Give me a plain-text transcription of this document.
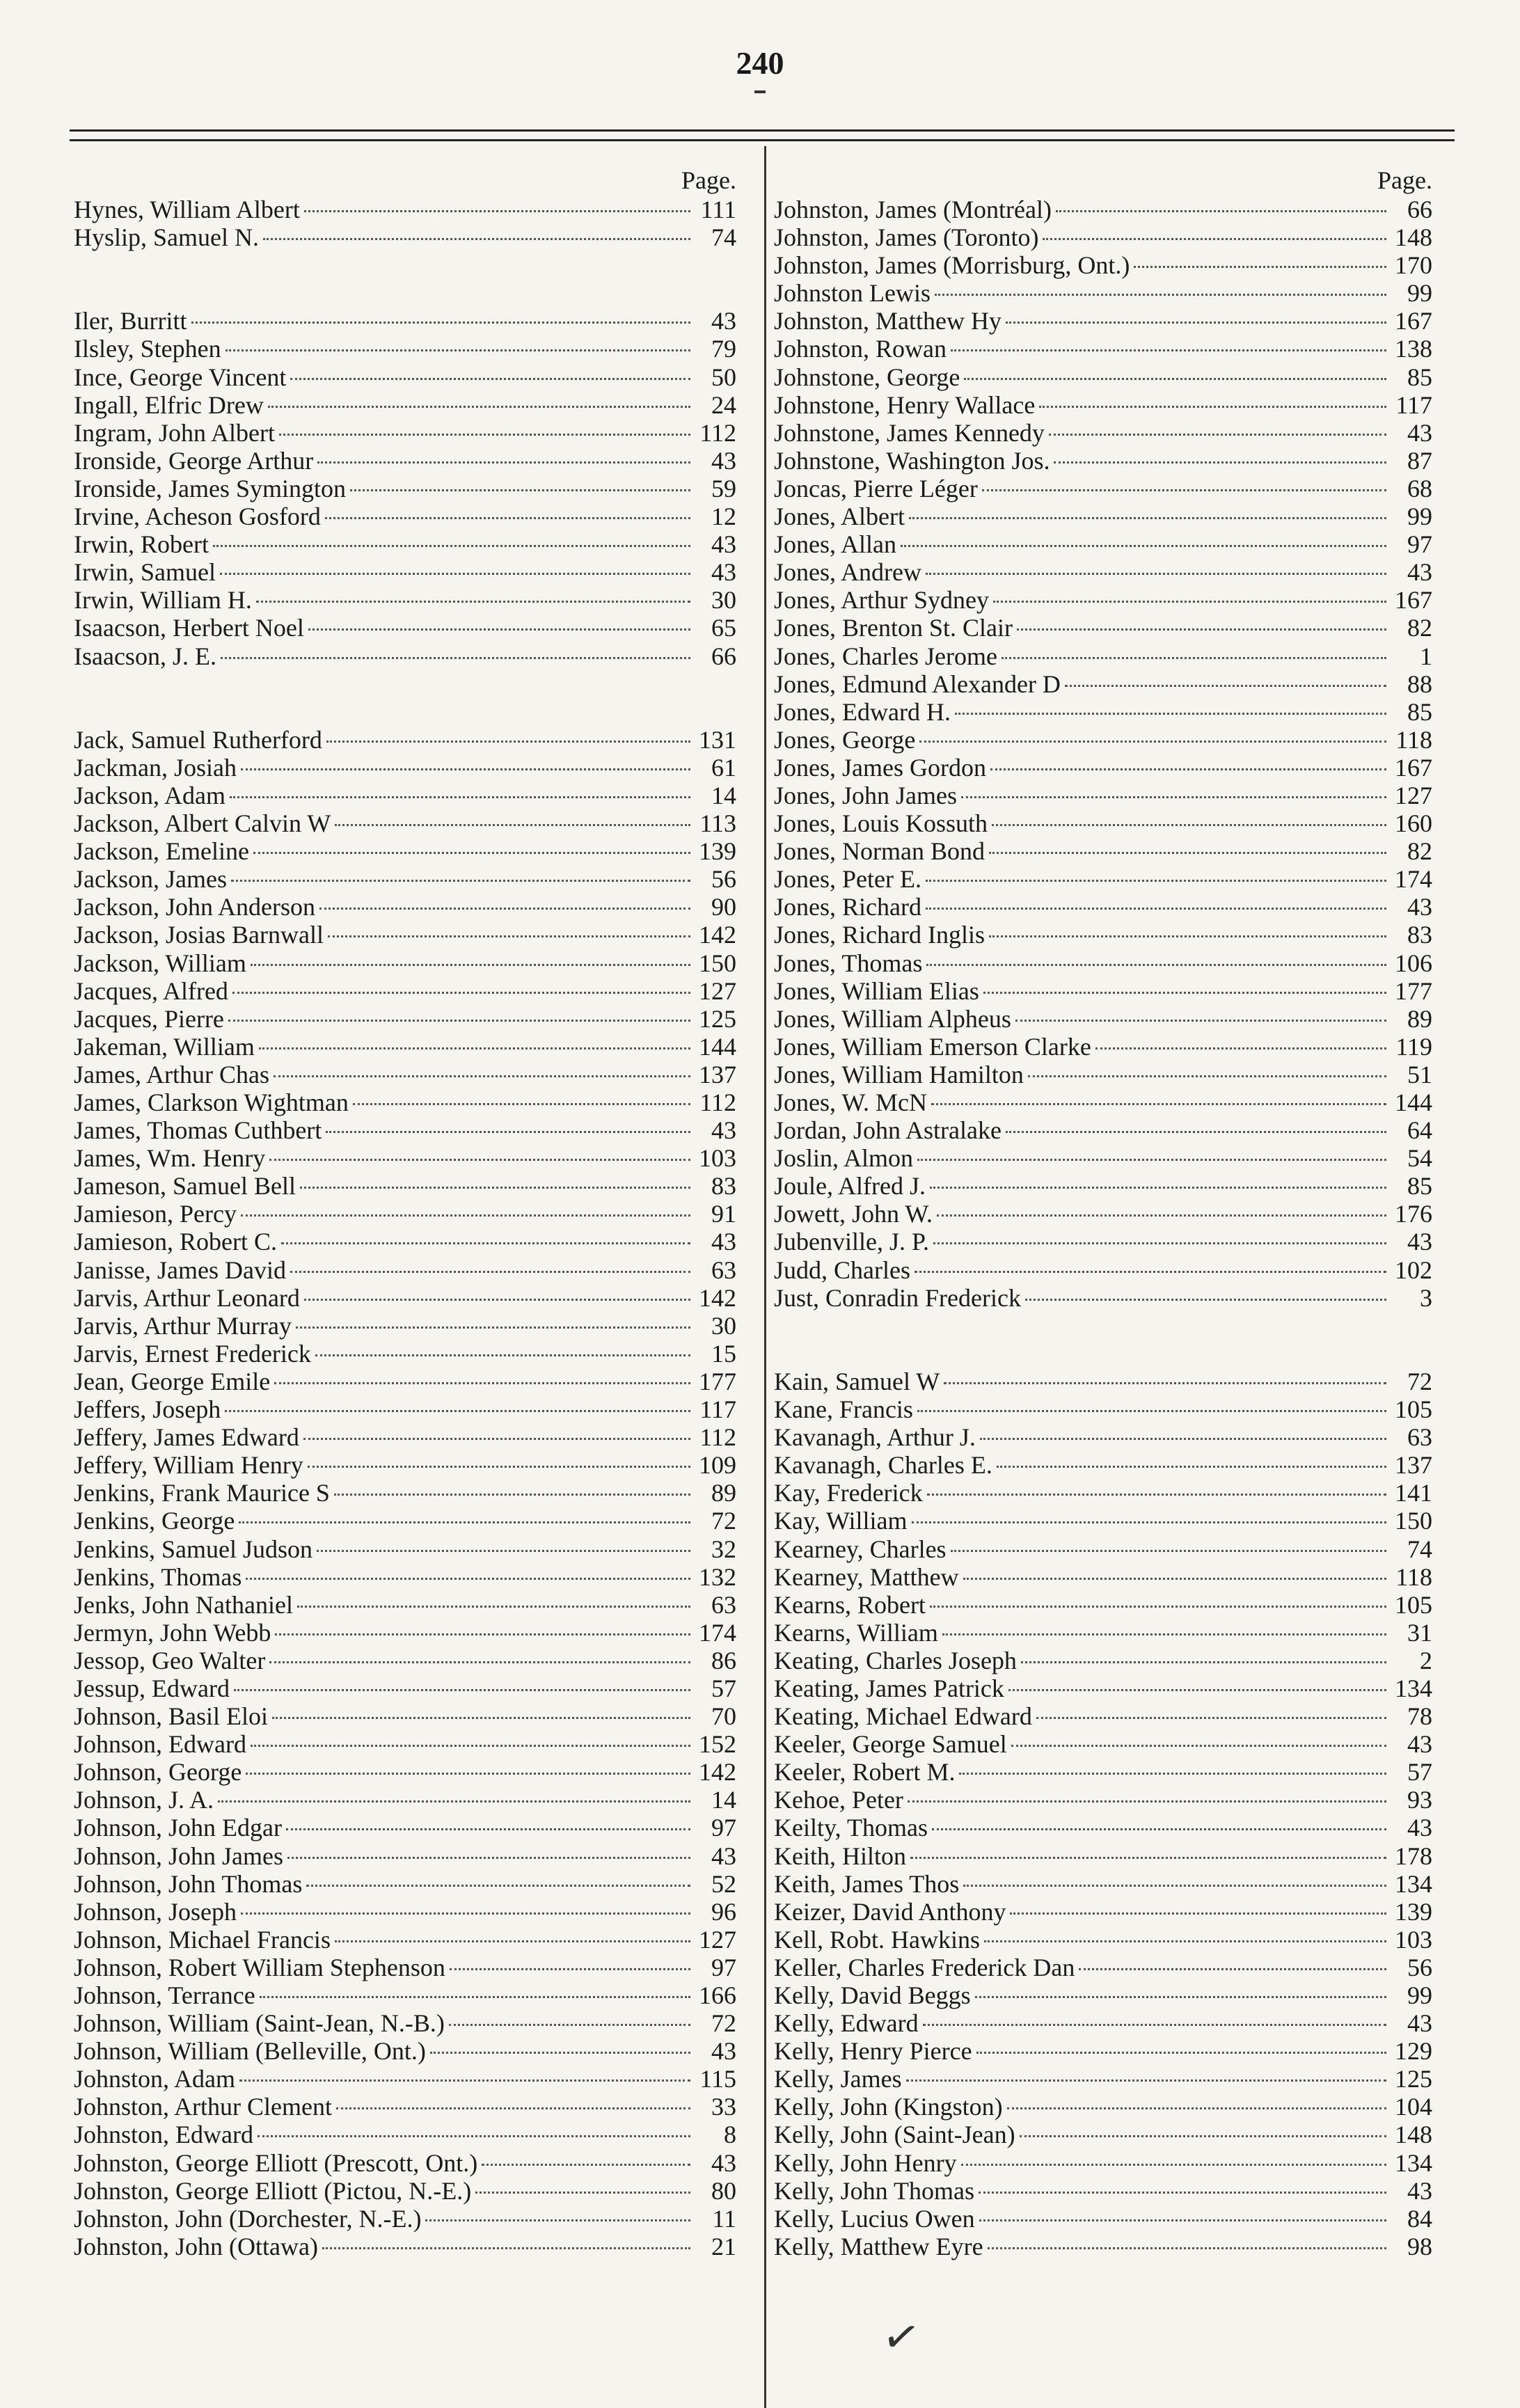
240
Page.
Hynes, William Albert	111
Hyslip, Samuel N.	74
Iler, Burritt	43
Ilsley, Stephen	79
Ince, George Vincent	50
Ingall, Elfric Drew	24
Ingram, John Albert	112
Ironside, George Arthur	43
Ironside, James Symington	59
Irvine, Acheson Gosford	12
Irwin, Robert	43
Irwin, Samuel	43
Irwin, William H.	30
Isaacson, Herbert Noel	65
Isaacson, J. E.	66
Jack, Samuel Rutherford	131
Jackman, Josiah	61
Jackson, Adam	14
Jackson, Albert Calvin W	113
Jackson, Emeline	139
Jackson, James	56
Jackson, John Anderson	90
Jackson, Josias Barnwall	142
Jackson, William	150
Jacques, Alfred	127
Jacques, Pierre	125
Jakeman, William	144
James, Arthur Chas	137
James, Clarkson Wightman	112
James, Thomas Cuthbert	43
James, Wm. Henry	103
Jameson, Samuel Bell	83
Jamieson, Percy	91
Jamieson, Robert C.	43
Janisse, James David	63
Jarvis, Arthur Leonard	142
Jarvis, Arthur Murray	30
Jarvis, Ernest Frederick	15
Jean, George Emile	177
Jeffers, Joseph	117
Jeffery, James Edward	112
Jeffery, William Henry	109
Jenkins, Frank Maurice S	89
Jenkins, George	72
Jenkins, Samuel Judson	32
Jenkins, Thomas	132
Jenks, John Nathaniel	63
Jermyn, John Webb	174
Jessop, Geo Walter	86
Jessup, Edward	57
Johnson, Basil Eloi	70
Johnson, Edward	152
Johnson, George	142
Johnson, J. A.	14
Johnson, John Edgar	97
Johnson, John James	43
Johnson, John Thomas	52
Johnson, Joseph	96
Johnson, Michael Francis	127
Johnson, Robert William Stephenson	97
Johnson, Terrance	166
Johnson, William (Saint-Jean, N.-B.)	72
Johnson, William (Belleville, Ont.)	43
Johnston, Adam	115
Johnston, Arthur Clement	33
Johnston, Edward	8
Johnston, George Elliott (Prescott, Ont.)	43
Johnston, George Elliott (Pictou, N.-E.)	80
Johnston, John (Dorchester, N.-E.)	11
Johnston, John (Ottawa)	21
Page.
Johnston, James (Montréal)	66
Johnston, James (Toronto)	148
Johnston, James (Morrisburg, Ont.)	170
Johnston Lewis	99
Johnston, Matthew Hy	167
Johnston, Rowan	138
Johnstone, George	85
Johnstone, Henry Wallace	117
Johnstone, James Kennedy	43
Johnstone, Washington Jos.	87
Joncas, Pierre Léger	68
Jones, Albert	99
Jones, Allan	97
Jones, Andrew	43
Jones, Arthur Sydney	167
Jones, Brenton St. Clair	82
Jones, Charles Jerome	1
Jones, Edmund Alexander D	88
Jones, Edward H.	85
Jones, George	118
Jones, James Gordon	167
Jones, John James	127
Jones, Louis Kossuth	160
Jones, Norman Bond	82
Jones, Peter E.	174
Jones, Richard	43
Jones, Richard Inglis	83
Jones, Thomas	106
Jones, William Elias	177
Jones, William Alpheus	89
Jones, William Emerson Clarke	119
Jones, William Hamilton	51
Jones, W. McN	144
Jordan, John Astralake	64
Joslin, Almon	54
Joule, Alfred J.	85
Jowett, John W.	176
Jubenville, J. P.	43
Judd, Charles	102
Just, Conradin Frederick	3
Kain, Samuel W	72
Kane, Francis	105
Kavanagh, Arthur J.	63
Kavanagh, Charles E.	137
Kay, Frederick	141
Kay, William	150
Kearney, Charles	74
Kearney, Matthew	118
Kearns, Robert	105
Kearns, William	31
Keating, Charles Joseph	2
Keating, James Patrick	134
Keating, Michael Edward	78
Keeler, George Samuel	43
Keeler, Robert M.	57
Kehoe, Peter	93
Keilty, Thomas	43
Keith, Hilton	178
Keith, James Thos	134
Keizer, David Anthony	139
Kell, Robt. Hawkins	103
Keller, Charles Frederick Dan	56
Kelly, David Beggs	99
Kelly, Edward	43
Kelly, Henry Pierce	129
Kelly, James	125
Kelly, John (Kingston)	104
Kelly, John (Saint-Jean)	148
Kelly, John Henry	134
Kelly, John Thomas	43
Kelly, Lucius Owen	84
Kelly, Matthew Eyre	98
✓
